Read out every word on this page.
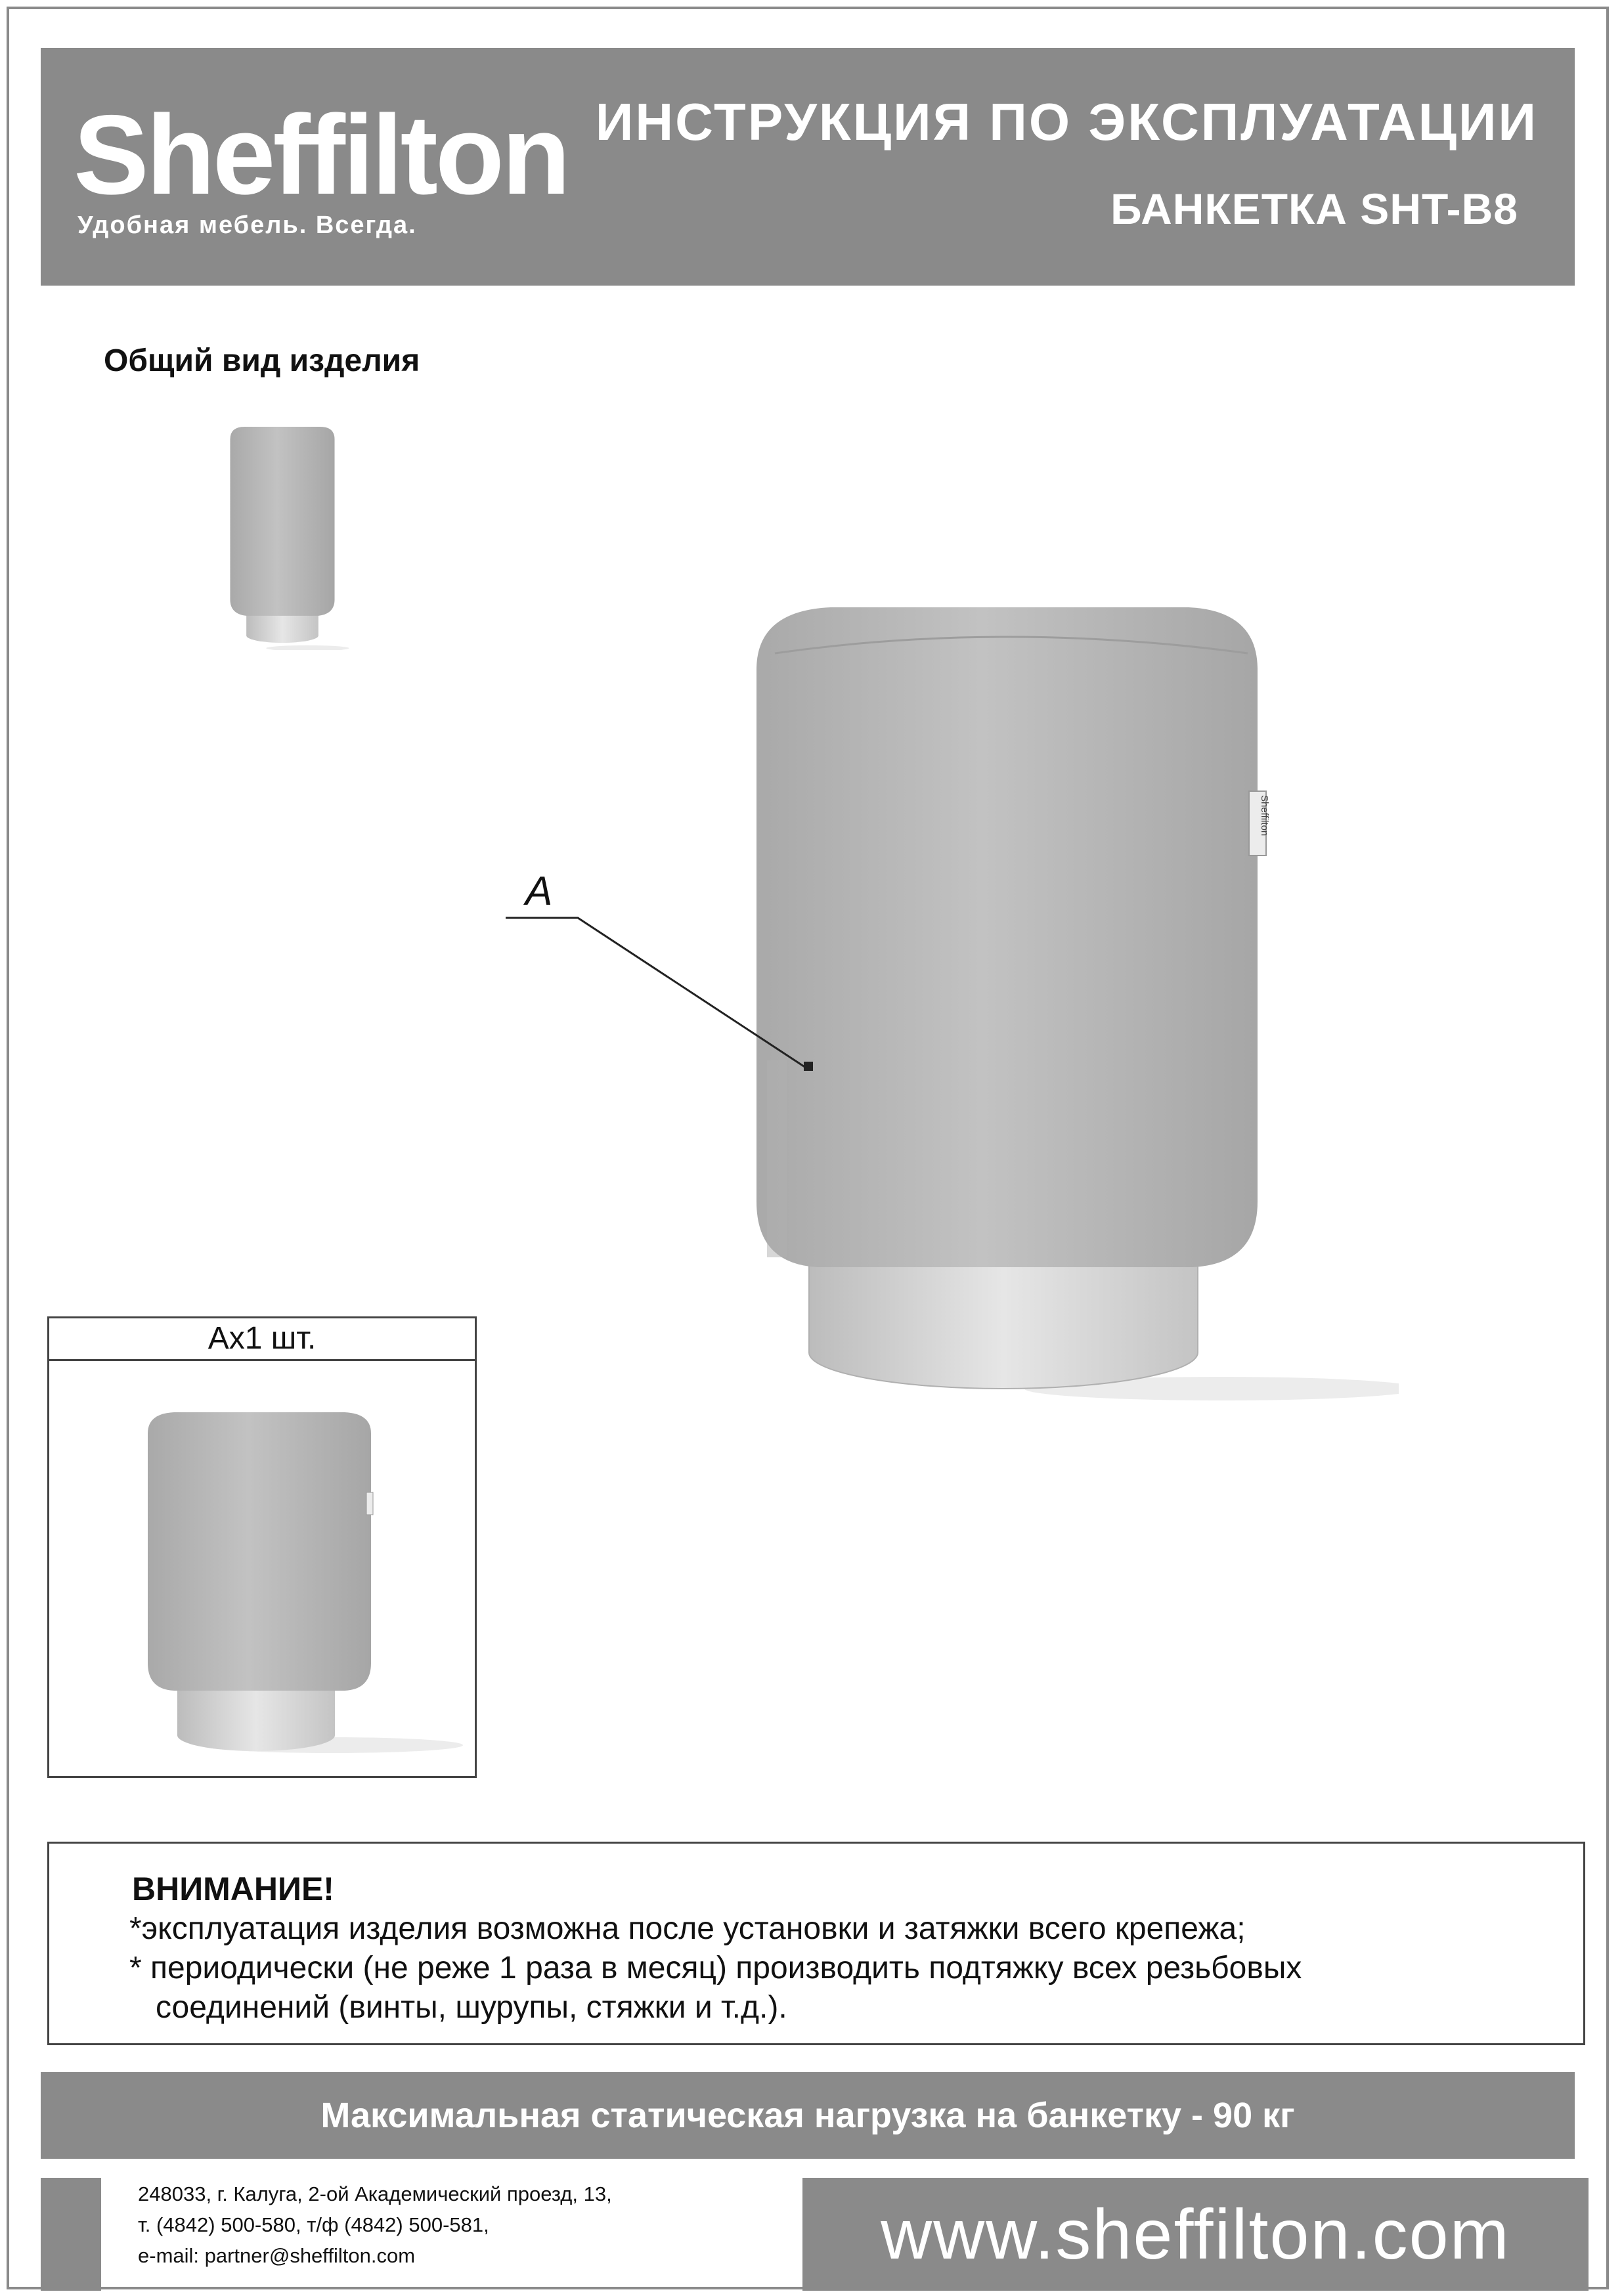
Sheffilton
Удобная мебель. Всегда.
ИНСТРУКЦИЯ ПО ЭКСПЛУАТАЦИИ
БАНКЕТКА SHT-B8
Общий вид изделия
Sheffilton
A
Ax1 шт.
ВНИМАНИЕ!
*эксплуатация изделия возможна после установки и затяжки всего крепежа;
* периодически (не реже 1 раза в месяц) производить подтяжку всех резьбовых
соединений (винты, шурупы, стяжки и т.д.).
Максимальная статическая нагрузка на банкетку - 90 кг
248033, г. Калуга, 2-ой Академический проезд, 13,
т. (4842) 500-580, т/ф (4842) 500-581,
e-mail: partner@sheffilton.com	www.sheffilton.com
